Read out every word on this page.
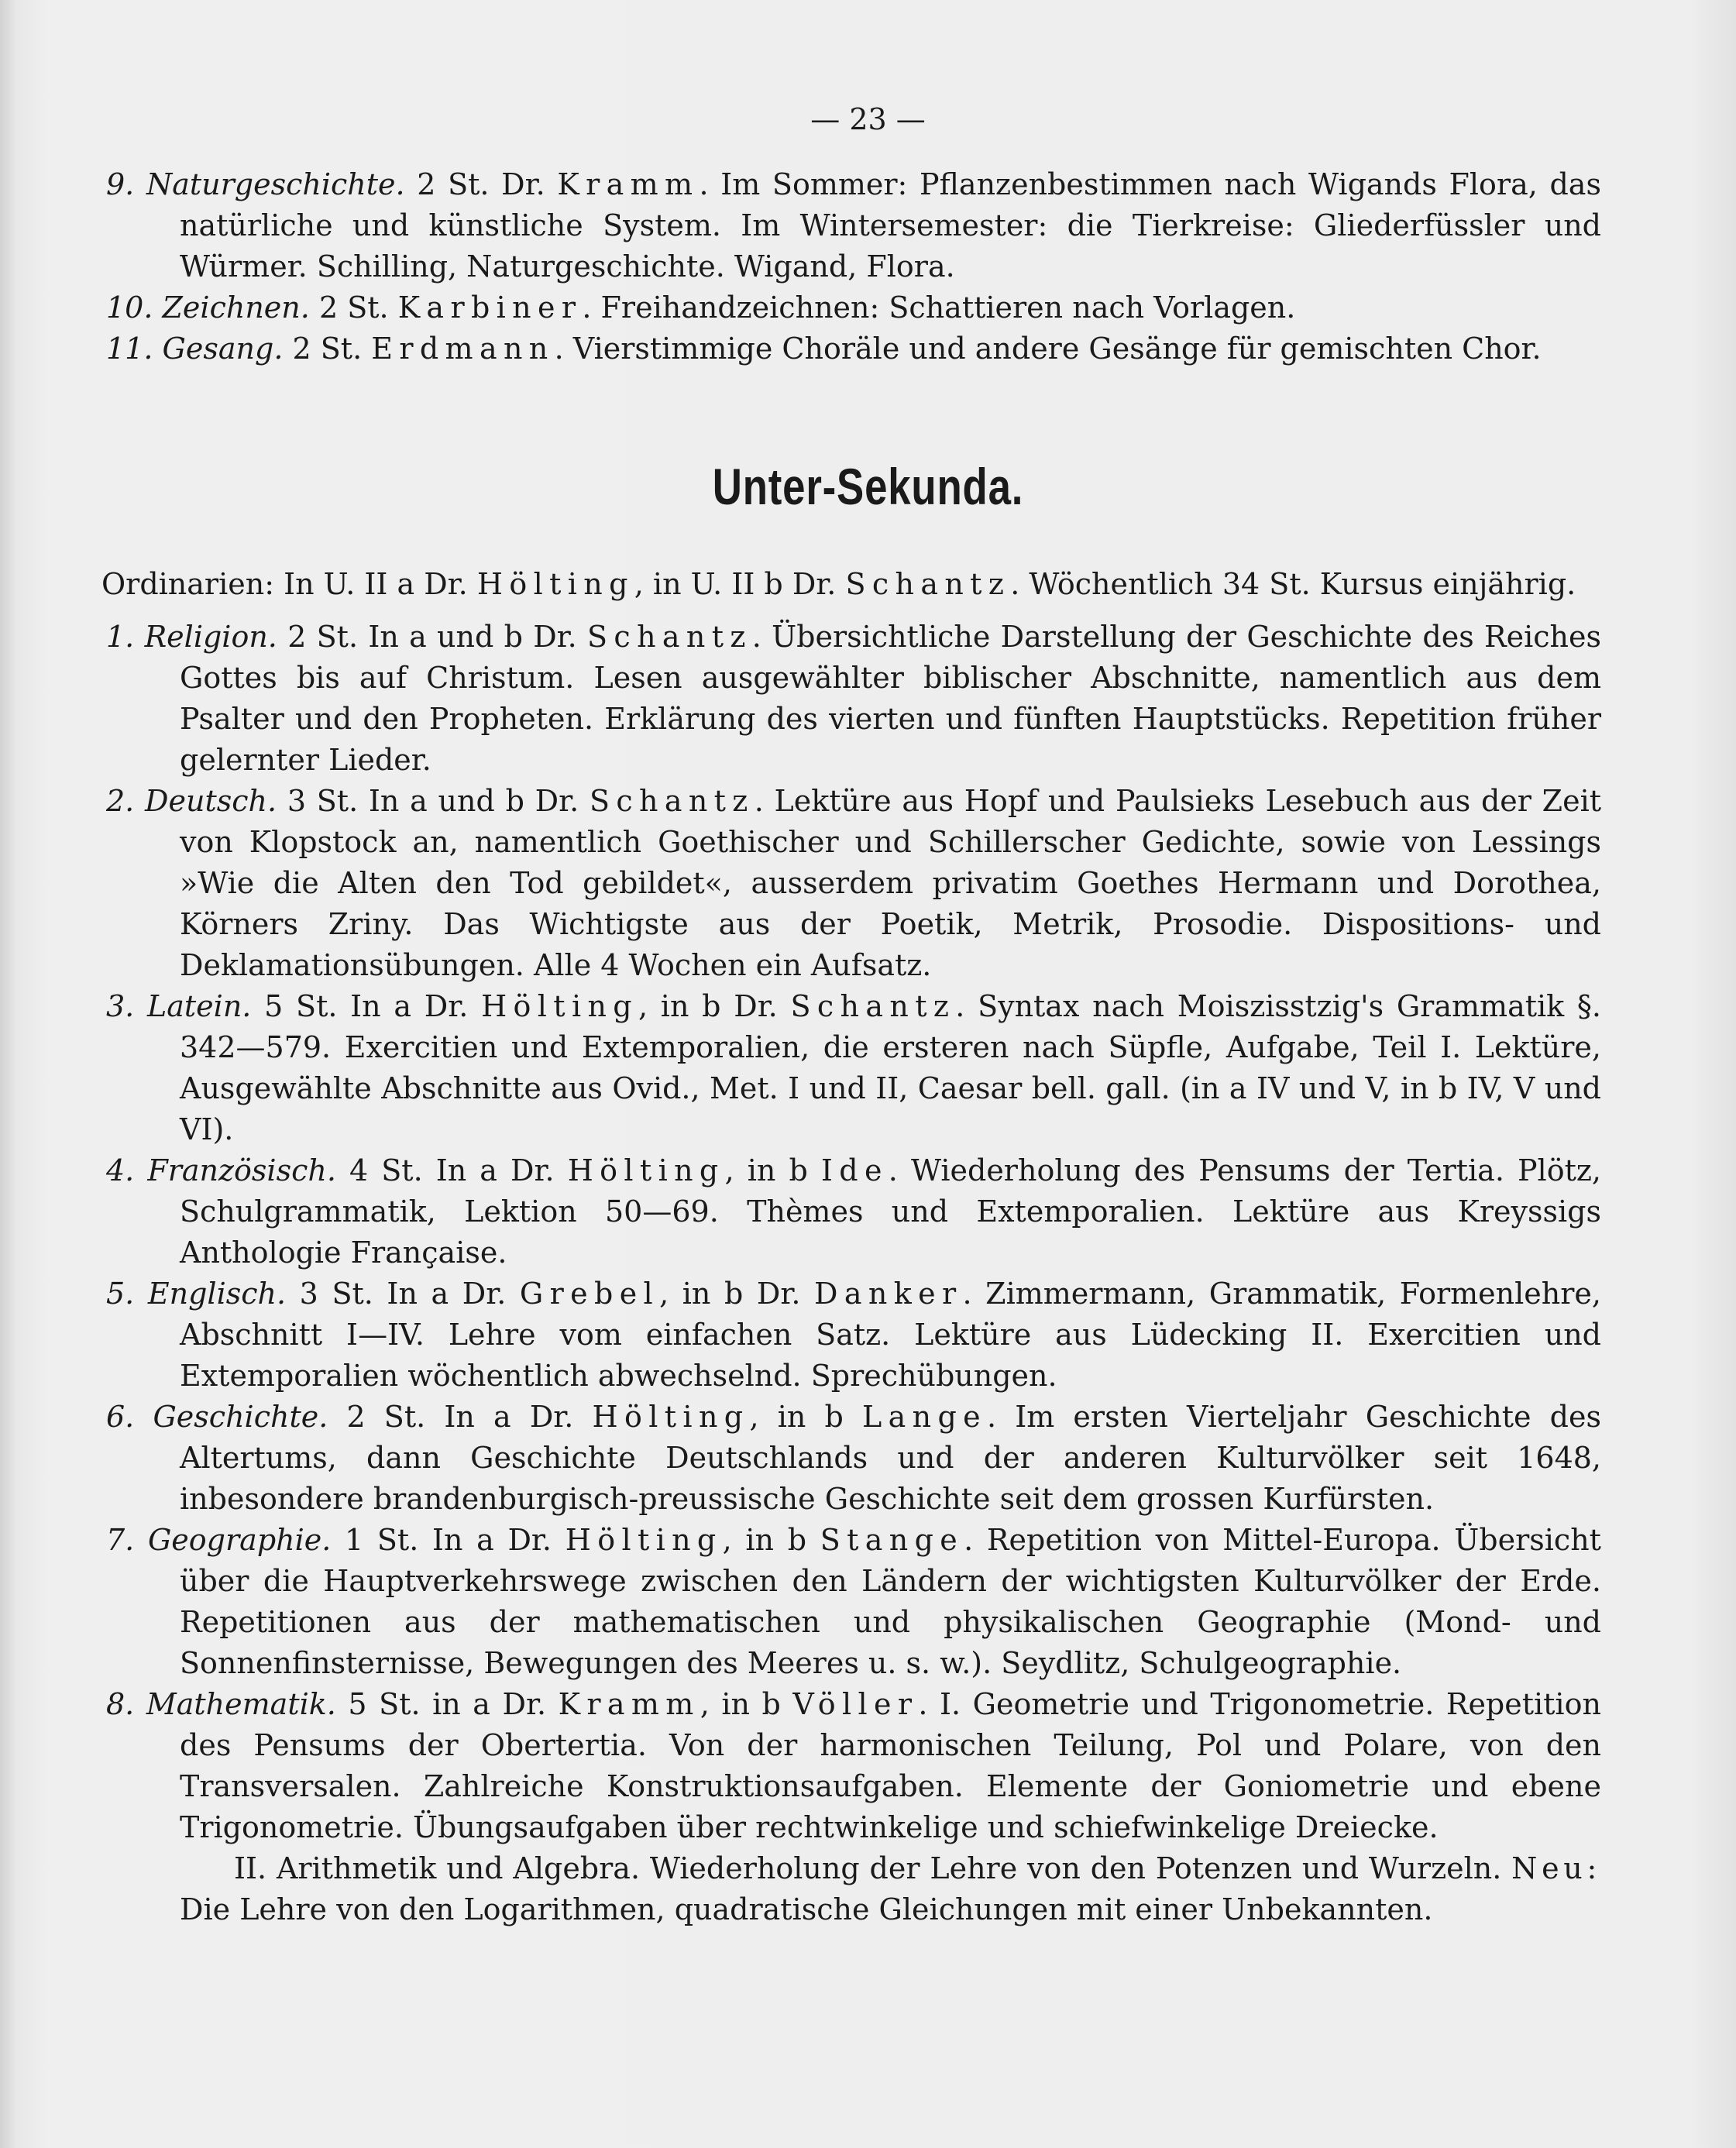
— 23 —

9. Naturgeschichte. 2 St. Dr. Kramm. Im Sommer: Pflanzenbestimmen nach Wigands Flora, das natürliche und künstliche System. Im Wintersemester: die Tierkreise: Gliederfüssler und Würmer. Schilling, Naturgeschichte. Wigand, Flora.

10. Zeichnen. 2 St. Karbiner. Freihandzeichnen: Schattieren nach Vorlagen.

11. Gesang. 2 St. Erdmann. Vierstimmige Choräle und andere Gesänge für gemischten Chor.

Unter-Sekunda.
Ordinarien: In U. II a Dr. Hölting, in U. II b Dr. Schantz. Wöchentlich 34 St. Kursus einjährig.

1. Religion. 2 St. In a und b Dr. Schantz. Übersichtliche Darstellung der Geschichte des Reiches Gottes bis auf Christum. Lesen ausgewählter biblischer Abschnitte, namentlich aus dem Psalter und den Propheten. Erklärung des vierten und fünften Hauptstücks. Repetition früher gelernter Lieder.

2. Deutsch. 3 St. In a und b Dr. Schantz. Lektüre aus Hopf und Paulsieks Lesebuch aus der Zeit von Klopstock an, namentlich Goethischer und Schillerscher Gedichte, sowie von Lessings »Wie die Alten den Tod gebildet«, ausserdem privatim Goethes Hermann und Dorothea, Körners Zriny. Das Wichtigste aus der Poetik, Metrik, Prosodie. Dispositions- und Deklamationsübungen. Alle 4 Wochen ein Aufsatz.

3. Latein. 5 St. In a Dr. Hölting, in b Dr. Schantz. Syntax nach Moiszisstzig's Grammatik §. 342—579. Exercitien und Extemporalien, die ersteren nach Süpfle, Aufgabe, Teil I. Lektüre, Ausgewählte Abschnitte aus Ovid., Met. I und II, Caesar bell. gall. (in a IV und V, in b IV, V und VI).

4. Französisch. 4 St. In a Dr. Hölting, in b Ide. Wiederholung des Pensums der Tertia. Plötz, Schulgrammatik, Lektion 50—69. Thèmes und Extemporalien. Lektüre aus Kreyssigs Anthologie Française.

5. Englisch. 3 St. In a Dr. Grebel, in b Dr. Danker. Zimmermann, Grammatik, Formenlehre, Abschnitt I—IV. Lehre vom einfachen Satz. Lektüre aus Lüdecking II. Exercitien und Extemporalien wöchentlich abwechselnd. Sprechübungen.

6. Geschichte. 2 St. In a Dr. Hölting, in b Lange. Im ersten Vierteljahr Geschichte des Altertums, dann Geschichte Deutschlands und der anderen Kulturvölker seit 1648, inbesondere brandenburgisch-preussische Geschichte seit dem grossen Kurfürsten.

7. Geographie. 1 St. In a Dr. Hölting, in b Stange. Repetition von Mittel-Europa. Übersicht über die Hauptverkehrswege zwischen den Ländern der wichtigsten Kulturvölker der Erde. Repetitionen aus der mathematischen und physikalischen Geographie (Mond- und Sonnenfinsternisse, Bewegungen des Meeres u. s. w.). Seydlitz, Schulgeographie.

8. Mathematik. 5 St. in a Dr. Kramm, in b Völler. I. Geometrie und Trigonometrie. Repetition des Pensums der Obertertia. Von der harmonischen Teilung, Pol und Polare, von den Transversalen. Zahlreiche Konstruktionsaufgaben. Elemente der Goniometrie und ebene Trigonometrie. Übungsaufgaben über rechtwinkelige und schiefwinkelige Dreiecke.

II. Arithmetik und Algebra. Wiederholung der Lehre von den Potenzen und Wurzeln. Neu: Die Lehre von den Logarithmen, quadratische Gleichungen mit einer Unbekannten.
